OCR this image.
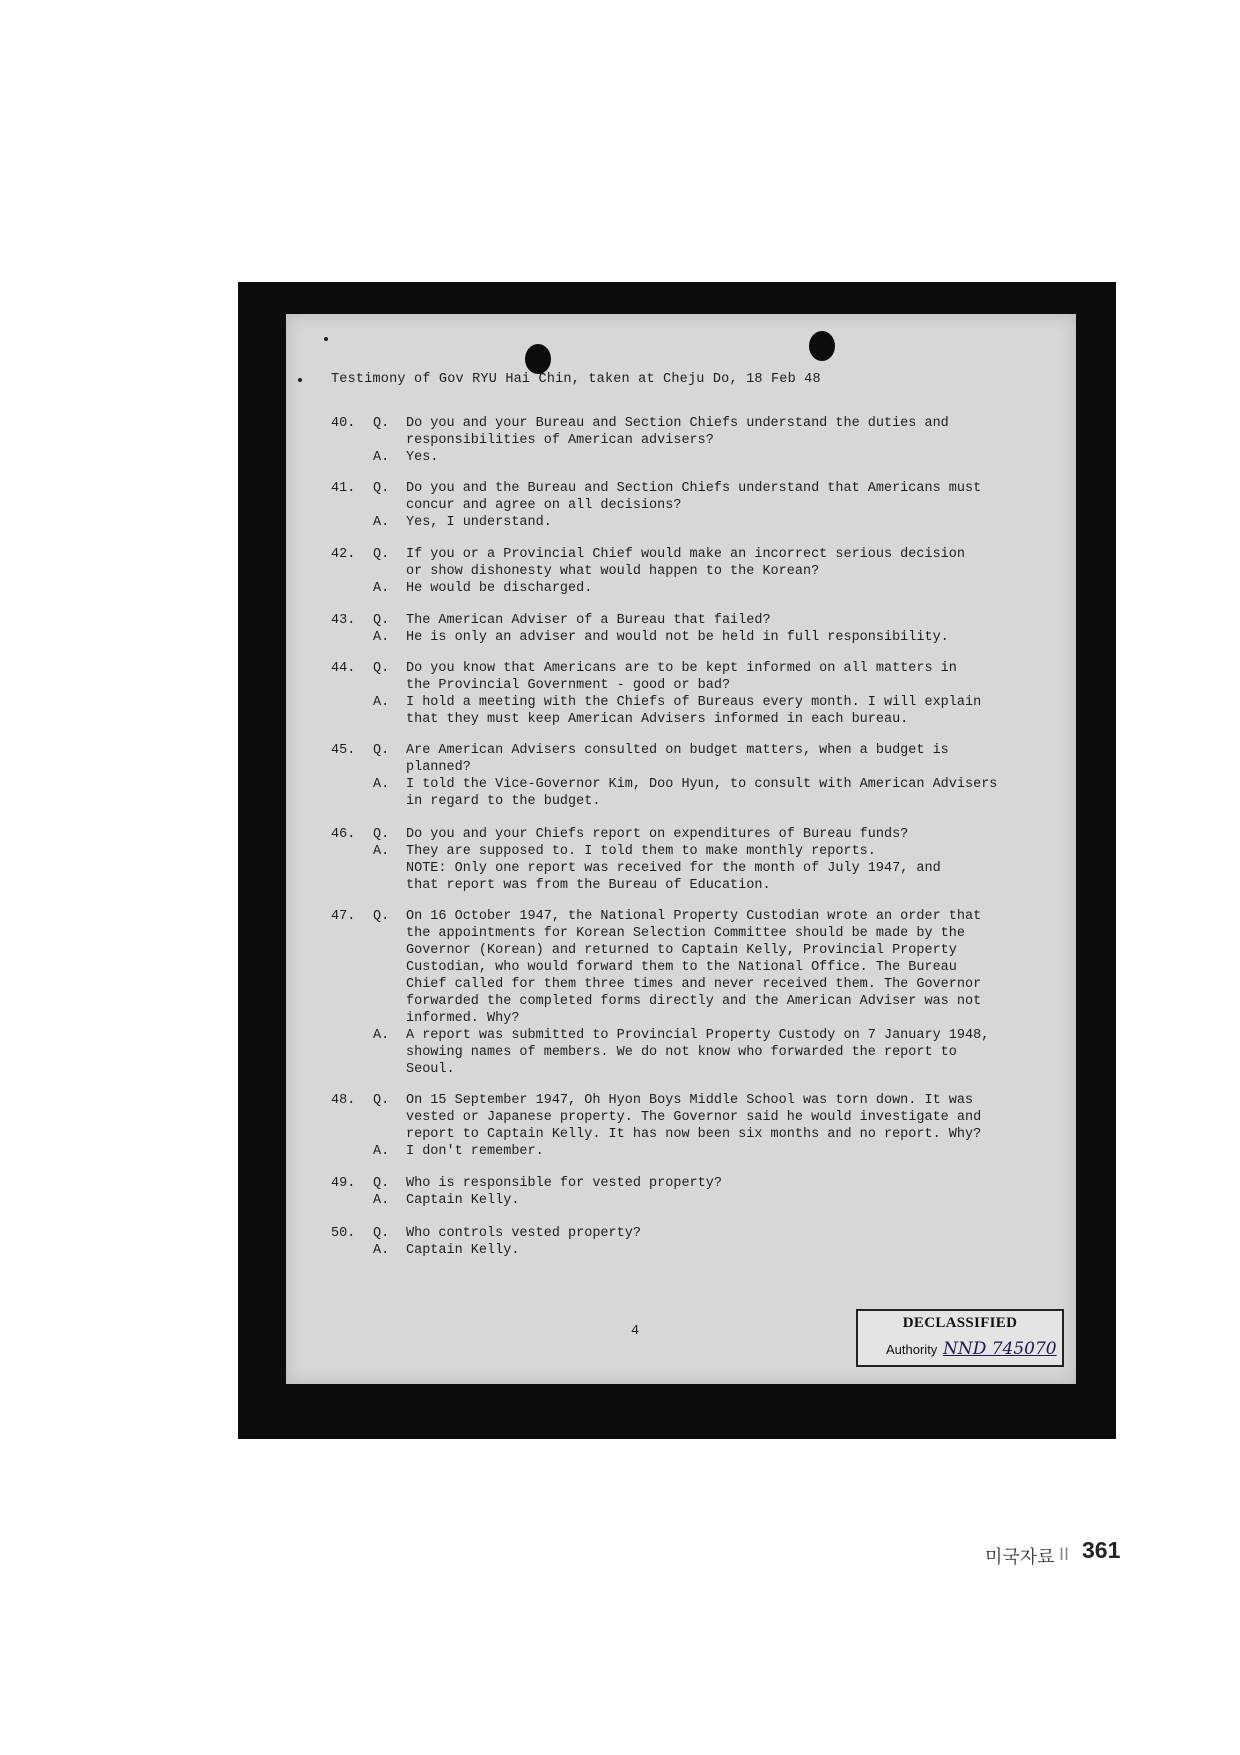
Testimony of Gov RYU Hai Chin, taken at Cheju Do, 18 Feb 48
40. Q. Do you and your Bureau and Section Chiefs understand the duties and
responsibilities of American advisers?
A. Yes.
41. Q. Do you and the Bureau and Section Chiefs understand that Americans must
concur and agree on all decisions?
A. Yes, I understand.
42. Q. If you or a Provincial Chief would make an incorrect serious decision
or show dishonesty what would happen to the Korean?
A. He would be discharged.
43. Q. The American Adviser of a Bureau that failed?
A. He is only an adviser and would not be held in full responsibility.
44. Q. Do you know that Americans are to be kept informed on all matters in
the Provincial Government - good or bad?
A. I hold a meeting with the Chiefs of Bureaus every month. I will explain
that they must keep American Advisers informed in each bureau.
45. Q. Are American Advisers consulted on budget matters, when a budget is
planned?
A. I told the Vice-Governor Kim, Doo Hyun, to consult with American Advisers
in regard to the budget.
46. Q. Do you and your Chiefs report on expenditures of Bureau funds?
A. They are supposed to. I told them to make monthly reports.
NOTE: Only one report was received for the month of July 1947, and
that report was from the Bureau of Education.
47. Q. On 16 October 1947, the National Property Custodian wrote an order that
the appointments for Korean Selection Committee should be made by the
Governor (Korean) and returned to Captain Kelly, Provincial Property
Custodian, who would forward them to the National Office. The Bureau
Chief called for them three times and never received them. The Governor
forwarded the completed forms directly and the American Adviser was not
informed. Why?
A. A report was submitted to Provincial Property Custody on 7 January 1948,
showing names of members. We do not know who forwarded the report to
Seoul.
48. Q. On 15 September 1947, Oh Hyon Boys Middle School was torn down. It was
vested or Japanese property. The Governor said he would investigate and
report to Captain Kelly. It has now been six months and no report. Why?
A. I don't remember.
49. Q. Who is responsible for vested property?
A. Captain Kelly.
50. Q. Who controls vested property?
A. Captain Kelly.
4
DECLASSIFIED
Authority NND 745070
미국자료 II 361
